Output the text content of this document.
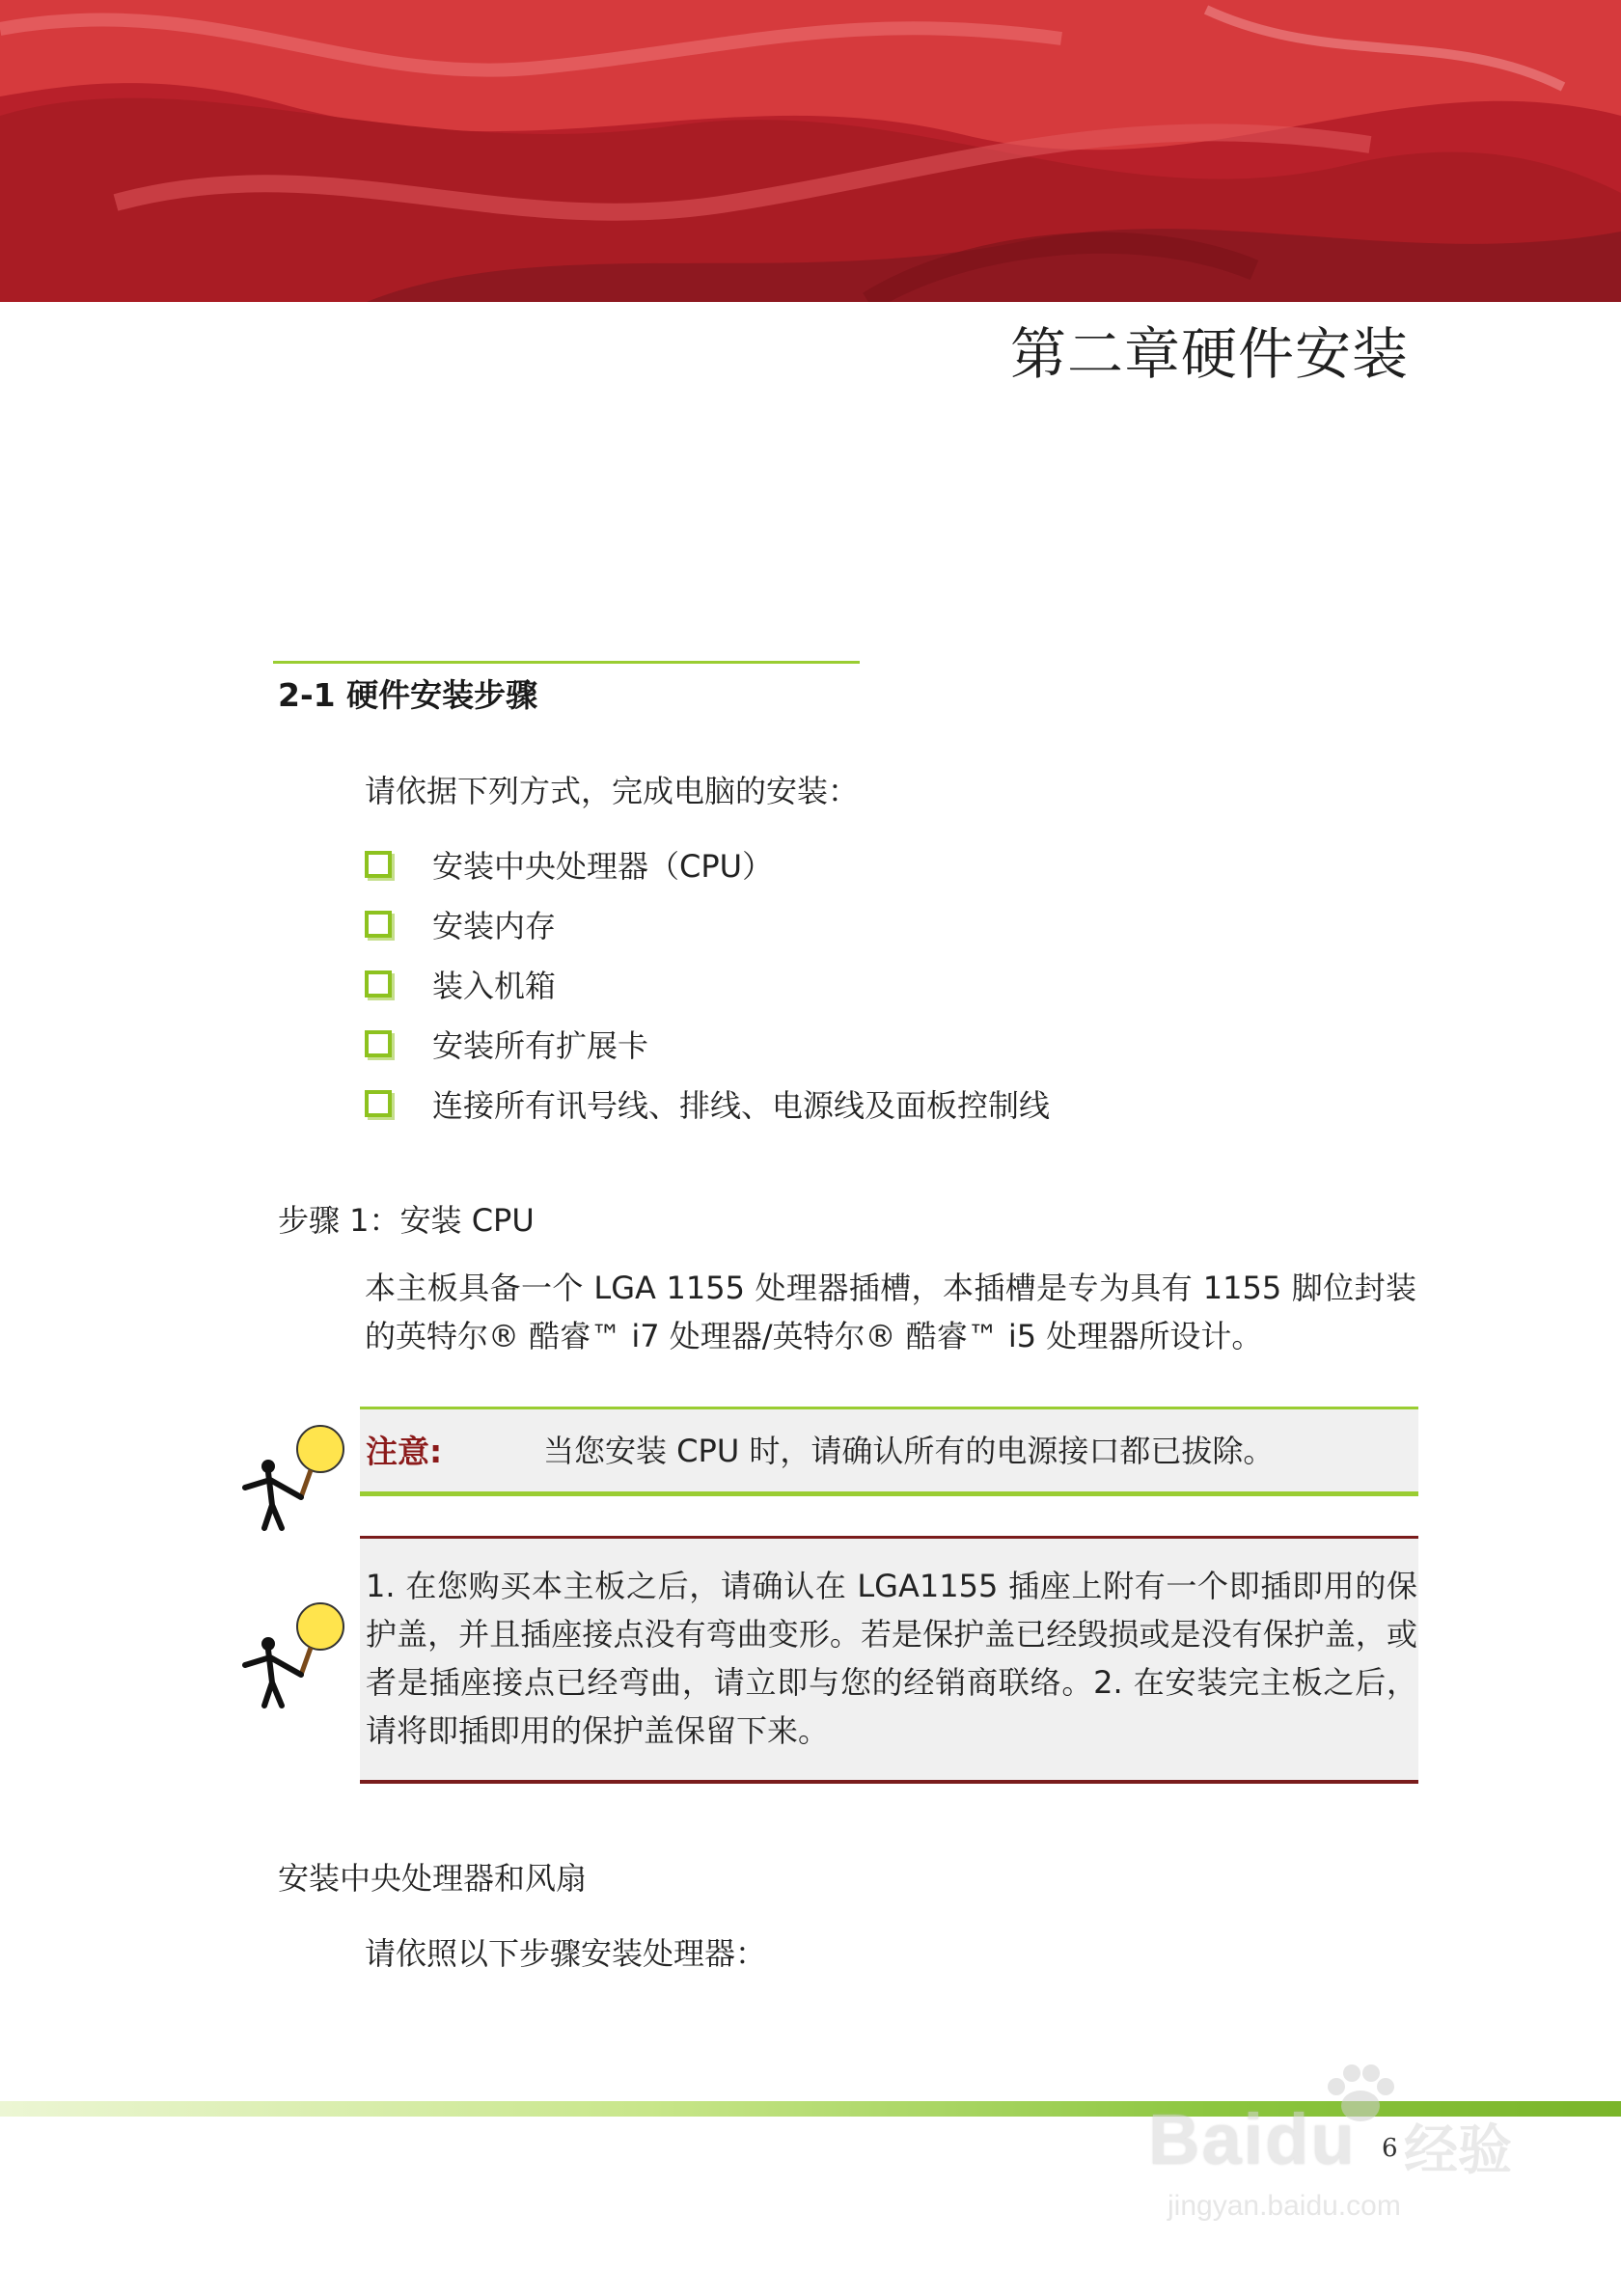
第二章硬件安装
2-1 硬件安装步骤
请依据下列方式，完成电脑的安装：
安装中央处理器（CPU）
安装内存
装入机箱
安装所有扩展卡
连接所有讯号线、排线、电源线及面板控制线
步骤 1：安装 CPU
本主板具备一个 LGA 1155 处理器插槽，本插槽是专为具有 1155 脚位封装的英特尔® 酷睿™ i7 处理器/英特尔® 酷睿™ i5 处理器所设计。
注意:	当您安装 CPU 时，请确认所有的电源接口都已拔除。
1. 在您购买本主板之后，请确认在 LGA1155 插座上附有一个即插即用的保护盖，并且插座接点没有弯曲变形。若是保护盖已经毁损或是没有保护盖，或者是插座接点已经弯曲，请立即与您的经销商联络。2. 在安装完主板之后，请将即插即用的保护盖保留下来。
安装中央处理器和风扇
请依照以下步骤安装处理器：
6
Baidu 经验
jingyan.baidu.com
